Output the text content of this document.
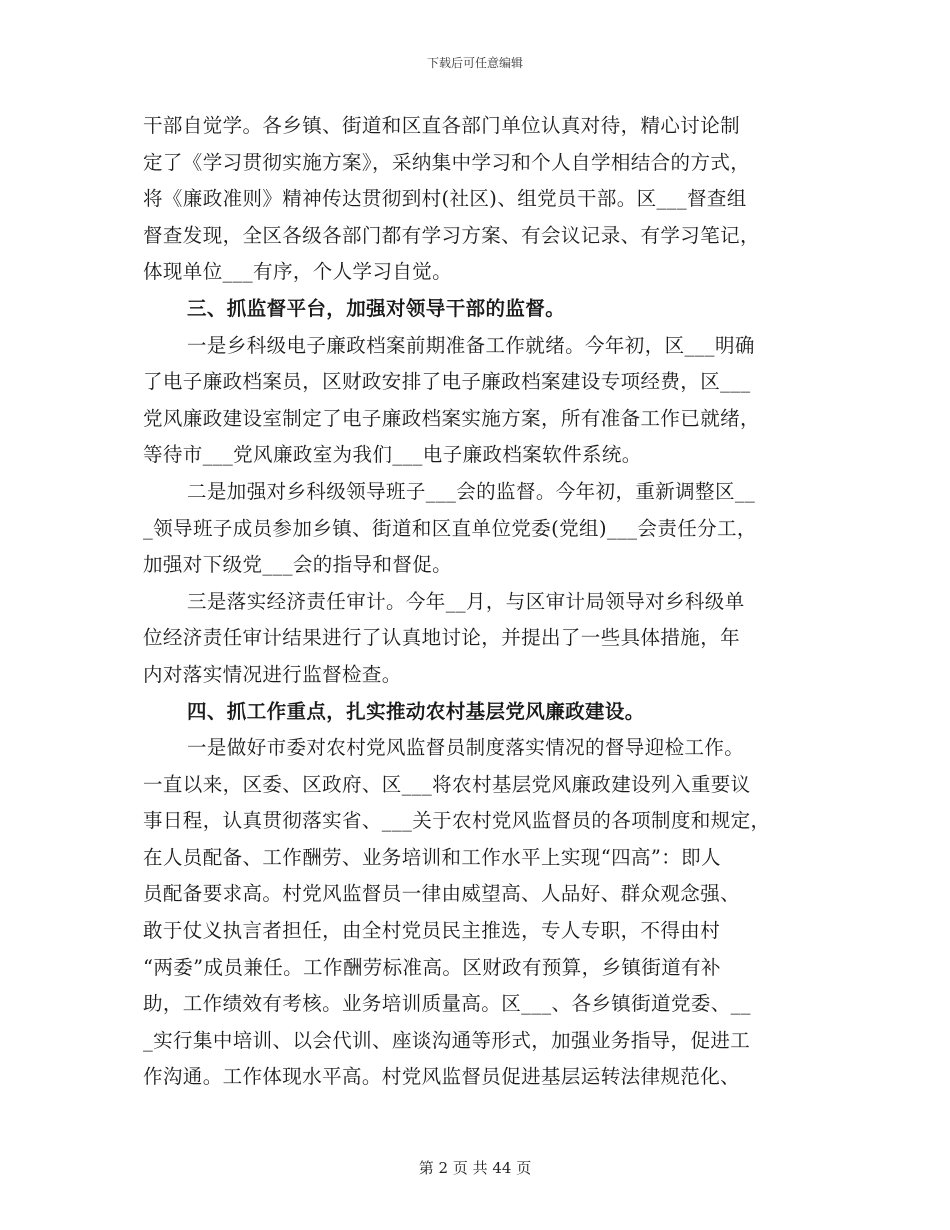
下载后可任意编辑
干部自觉学。各乡镇、街道和区直各部门单位认真对待，精心讨论制
定了《学习贯彻实施方案》，采纳集中学习和个人自学相结合的方式，
将《廉政准则》精神传达贯彻到村(社区)、组党员干部。区___督查组
督查发现，全区各级各部门都有学习方案、有会议记录、有学习笔记，
体现单位___有序，个人学习自觉。
三、抓监督平台，加强对领导干部的监督。
一是乡科级电子廉政档案前期准备工作就绪。今年初，区___明确
了电子廉政档案员，区财政安排了电子廉政档案建设专项经费，区___
党风廉政建设室制定了电子廉政档案实施方案，所有准备工作已就绪，
等待市___党风廉政室为我们___电子廉政档案软件系统。
二是加强对乡科级领导班子___会的监督。今年初，重新调整区__
_领导班子成员参加乡镇、街道和区直单位党委(党组)___会责任分工，
加强对下级党___会的指导和督促。
三是落实经济责任审计。今年__月，与区审计局领导对乡科级单
位经济责任审计结果进行了认真地讨论，并提出了一些具体措施，年
内对落实情况进行监督检查。
四、抓工作重点，扎实推动农村基层党风廉政建设。
一是做好市委对农村党风监督员制度落实情况的督导迎检工作。
一直以来，区委、区政府、区___将农村基层党风廉政建设列入重要议
事日程，认真贯彻落实省、___关于农村党风监督员的各项制度和规定，
在人员配备、工作酬劳、业务培训和工作水平上实现“四高”：即人
员配备要求高。村党风监督员一律由威望高、人品好、群众观念强、
敢于仗义执言者担任，由全村党员民主推选，专人专职，不得由村
“两委”成员兼任。工作酬劳标准高。区财政有预算，乡镇街道有补
助，工作绩效有考核。业务培训质量高。区___、各乡镇街道党委、__
_实行集中培训、以会代训、座谈沟通等形式，加强业务指导，促进工
作沟通。工作体现水平高。村党风监督员促进基层运转法律规范化、
第 2 页 共 44 页
